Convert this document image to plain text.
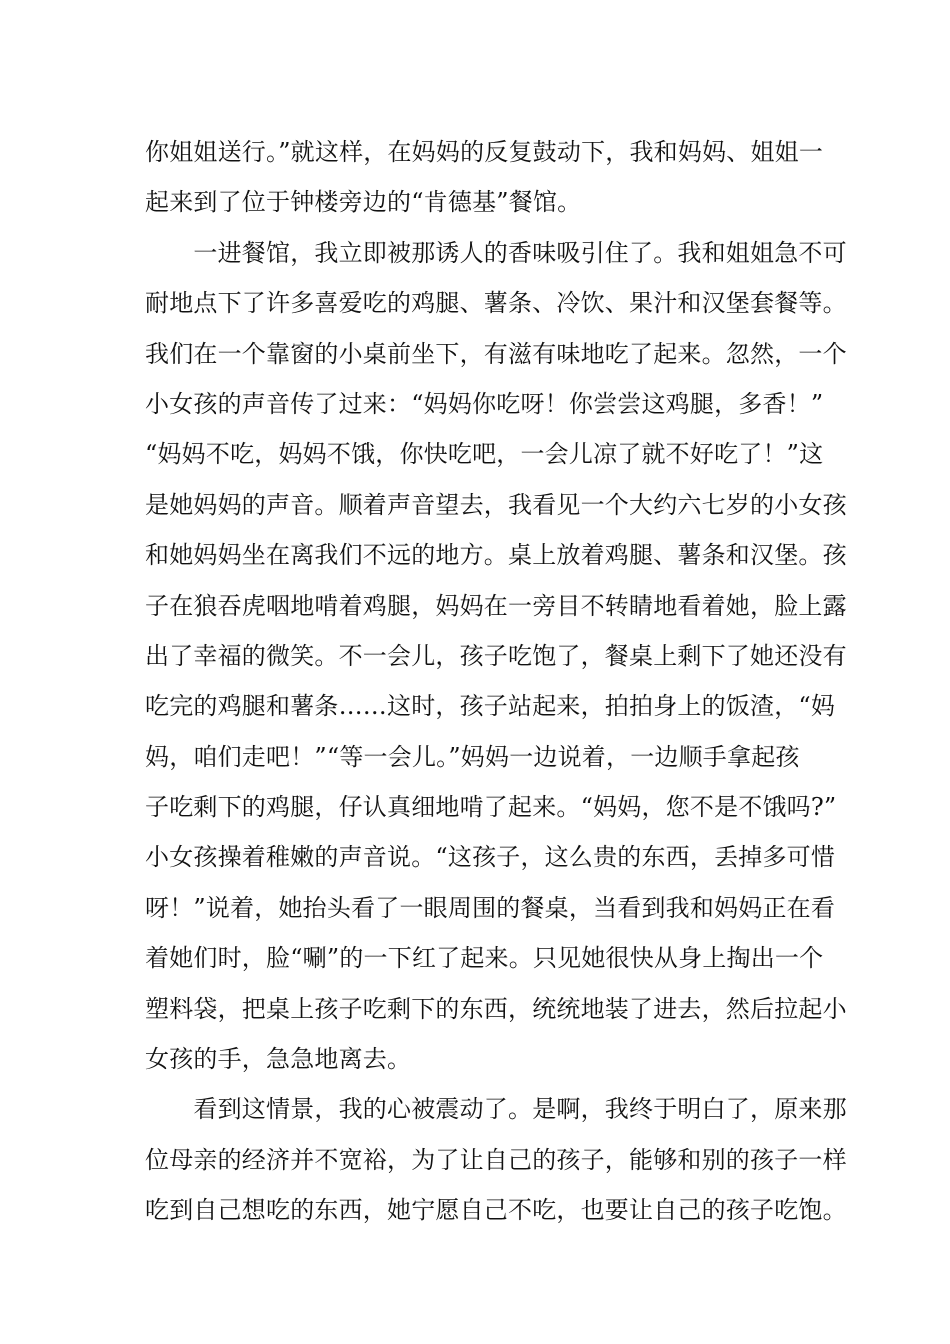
你姐姐送行。”就这样，在妈妈的反复鼓动下，我和妈妈、姐姐一
起来到了位于钟楼旁边的“肯德基”餐馆。
　　一进餐馆，我立即被那诱人的香味吸引住了。我和姐姐急不可
耐地点下了许多喜爱吃的鸡腿、薯条、冷饮、果汁和汉堡套餐等。
我们在一个靠窗的小桌前坐下，有滋有味地吃了起来。忽然，一个
小女孩的声音传了过来：“妈妈你吃呀！你尝尝这鸡腿，多香！”
“妈妈不吃，妈妈不饿，你快吃吧，一会儿凉了就不好吃了！”这
是她妈妈的声音。顺着声音望去，我看见一个大约六七岁的小女孩
和她妈妈坐在离我们不远的地方。桌上放着鸡腿、薯条和汉堡。孩
子在狼吞虎咽地啃着鸡腿，妈妈在一旁目不转睛地看着她，脸上露
出了幸福的微笑。不一会儿，孩子吃饱了，餐桌上剩下了她还没有
吃完的鸡腿和薯条……这时，孩子站起来，拍拍身上的饭渣，“妈
妈，咱们走吧！”“等一会儿。”妈妈一边说着，一边顺手拿起孩
子吃剩下的鸡腿，仔认真细地啃了起来。“妈妈，您不是不饿吗?”
小女孩操着稚嫩的声音说。“这孩子，这么贵的东西，丢掉多可惜
呀！”说着，她抬头看了一眼周围的餐桌，当看到我和妈妈正在看
着她们时，脸“唰”的一下红了起来。只见她很快从身上掏出一个
塑料袋，把桌上孩子吃剩下的东西，统统地装了进去，然后拉起小
女孩的手，急急地离去。
　　看到这情景，我的心被震动了。是啊，我终于明白了，原来那
位母亲的经济并不宽裕，为了让自己的孩子，能够和别的孩子一样
吃到自己想吃的东西，她宁愿自己不吃，也要让自己的孩子吃饱。
